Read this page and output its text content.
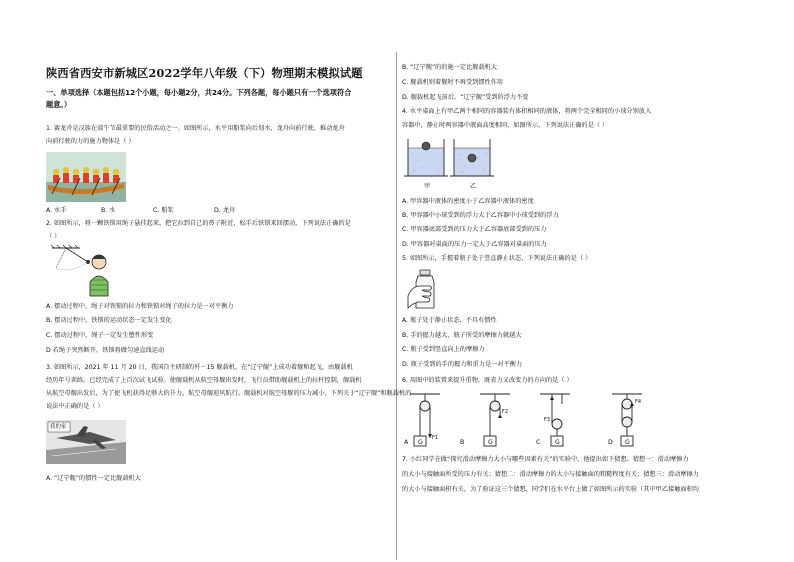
陕西省西安市新城区2022学年八年级（下）物理期末模拟试题
一、单项选择（本题包括12个小题，每小题2分，共24分。下列各题，每小题只有一个选项符合
题意。）
1. 赛龙舟是汉族在端午节最重要的民俗活动之一。如图所示，水平用船浆向后划水，龙舟向前行驶，推动龙舟
向前行驶的力的施力物体是（ ）
A. 水手	B. 水	C. 船浆	D. 龙舟
2. 如图所示，将一颗铁锁用绳子悬挂起来，把它拉到自己的鼻子附近，松手后铁锁来回摆动，下列说法正确的是
（ ）
A. 摆动过程中，绳子对铁锁的拉力和铁锁对绳子的拉力是一对平衡力
B. 摆动过程中，铁锁的运动状态一定发生变化
C. 摆动过程中，绳子一定发生塑性形变
D 若绳子突然断开，铁锁将做匀速直线运动
3. 如图所示，2021 年 11 月 20 日，我国自主研制的歼－15 舰载机，在“辽宁舰”上成功着舰和起飞，由舰载机
经历年号训练，已经完成了上百次试飞试验。使舰载机从航空母舰出发时，飞行员借助舰载机上的拉杆控制，舰载机
从航空母舰出发后，为了使飞机获得足够大的升力，航空母舰迎风航行。舰载机对航空母舰的压力减小，下列关于“辽宁舰”和舰载机的
说法中正确的是（ ）
我的家
A. “辽宁舰”的惯性一定比舰载机大
B. “辽宁舰”的的施一定比舰载机大
C. 舰载机则着舰时不再受到惯性作用
D. 舰载机起飞前后，“辽宁舰”受到的浮力不变
4. 水平桌面上有甲乙两个相同的容器装有体积相同的液体，将两个完全相同的小球分别放入
容器中，静止时两容器中液面高度相同，如图所示，下列说法正确的是（ ）
甲	乙
A. 甲容器中液体的密度小于乙容器中液体的密度
B. 甲容器中小球受到的浮力大于乙容器中小球受到的浮力
C. 甲容器底部受到的压力大于乙容器底部受到的压力
D. 甲容器对桌面的压力一定大于乙容器对桌面的压力
5. 如图所示，手握着瓶子处于竖直静止状态，下列说法正确的是（ ）
A. 瓶子处于静止状态，不具有惯性
B. 手的握力越大，瓶子所受的摩擦力就越大
C. 瓶子受到竖直向上的摩擦力
D. 瓶子受到的手的握力和重力是一对平衡力
6. 用图中的装置来提升重物，既省力又改变力的方向的是（ ）
A G
F1
B	G
F2
C G
F3
D G
F4
7. 小红同学在做“探究滑动摩擦力大小与哪些因素有关”的实验中，他提出如下猜想。猜想一：滑动摩擦力
的大小与接触面所受的压力有关；猜想二：滑动摩擦力的大小与接触面的粗糙程度有关；猜想三：滑动摩擦力
的大小与接触面积有关，为了验证这三个猜想，同学们在水平台上做了如图所示的实验（其中甲乙接触面积均
